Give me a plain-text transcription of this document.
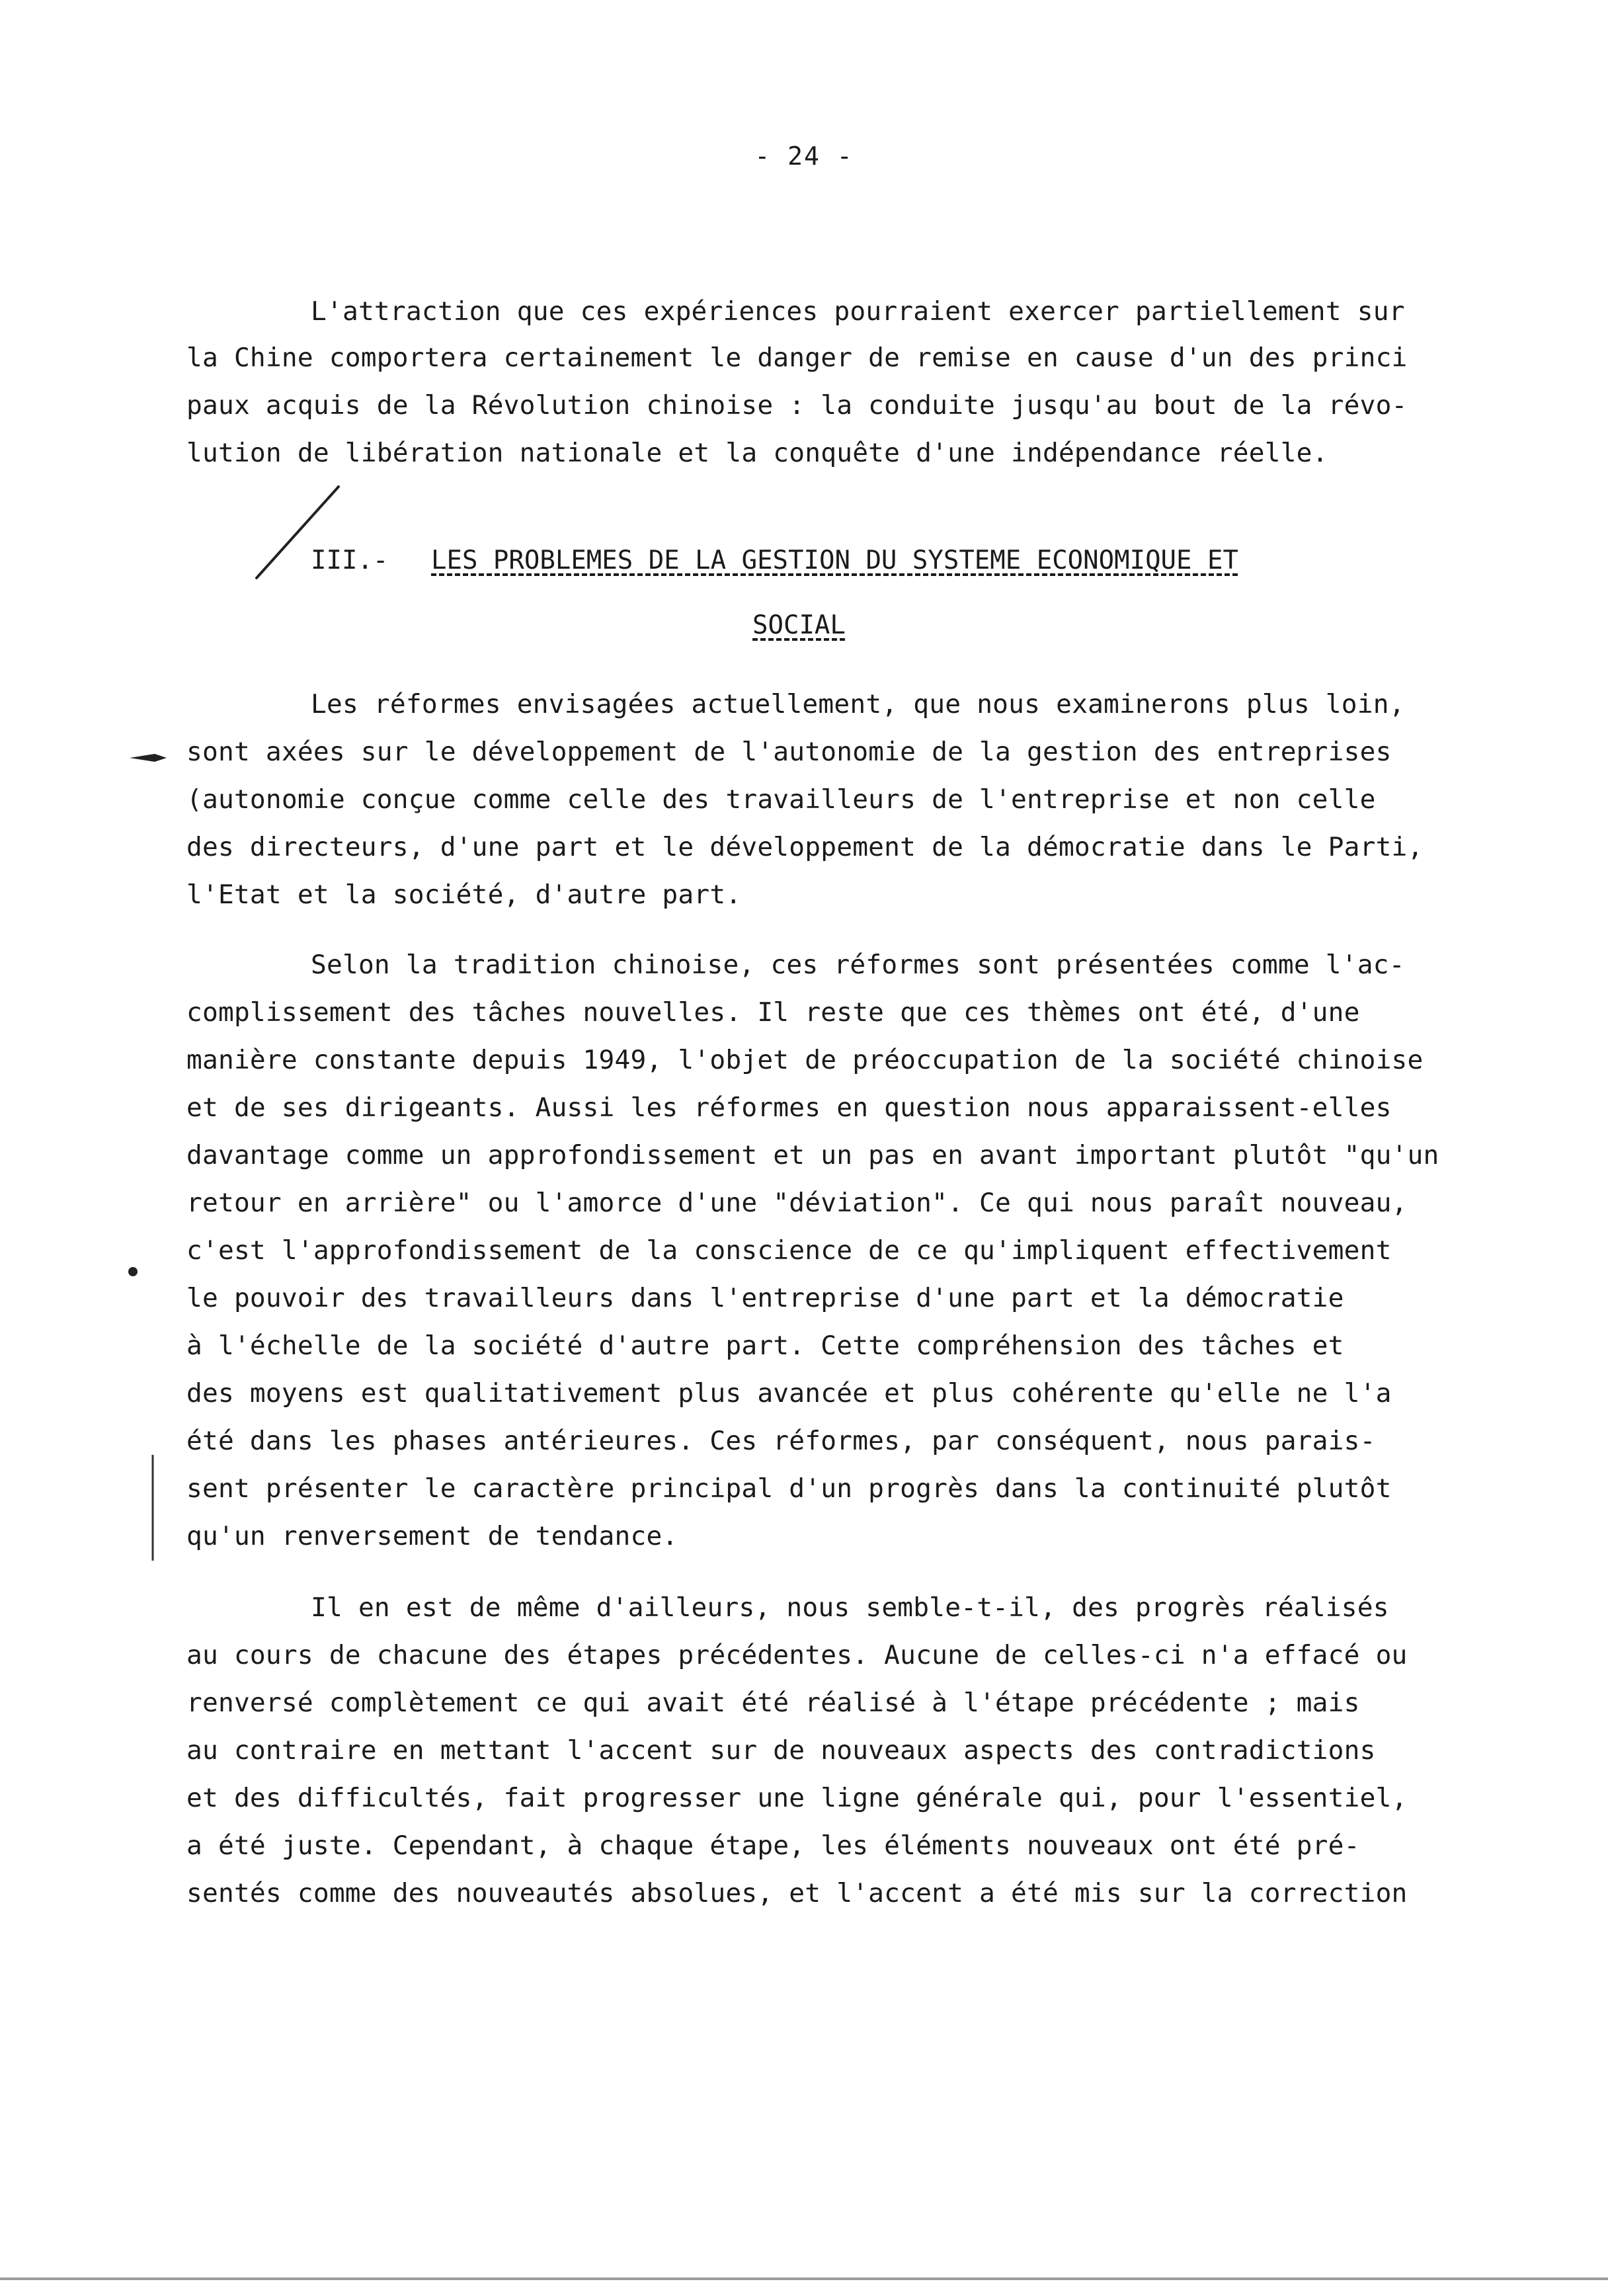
- 24 -
L'attraction que ces expériences pourraient exercer partiellement sur
la Chine comportera certainement le danger de remise en cause d'un des princi
paux acquis de la Révolution chinoise : la conduite jusqu'au bout de la révo-
lution de libération nationale et la conquête d'une indépendance réelle.
III.- LES PROBLEMES DE LA GESTION DU SYSTEME ECONOMIQUE ET
SOCIAL
Les réformes envisagées actuellement, que nous examinerons plus loin,
sont axées sur le développement de l'autonomie de la gestion des entreprises
(autonomie conçue comme celle des travailleurs de l'entreprise et non celle
des directeurs, d'une part et le développement de la démocratie dans le Parti,
l'Etat et la société, d'autre part.
Selon la tradition chinoise, ces réformes sont présentées comme l'ac-
complissement des tâches nouvelles. Il reste que ces thèmes ont été, d'une
manière constante depuis 1949, l'objet de préoccupation de la société chinoise
et de ses dirigeants. Aussi les réformes en question nous apparaissent-elles
davantage comme un approfondissement et un pas en avant important plutôt "qu'un
retour en arrière" ou l'amorce d'une "déviation". Ce qui nous paraît nouveau,
c'est l'approfondissement de la conscience de ce qu'impliquent effectivement
le pouvoir des travailleurs dans l'entreprise d'une part et la démocratie
à l'échelle de la société d'autre part. Cette compréhension des tâches et
des moyens est qualitativement plus avancée et plus cohérente qu'elle ne l'a
été dans les phases antérieures. Ces réformes, par conséquent, nous parais-
sent présenter le caractère principal d'un progrès dans la continuité plutôt
qu'un renversement de tendance.
Il en est de même d'ailleurs, nous semble-t-il, des progrès réalisés
au cours de chacune des étapes précédentes. Aucune de celles-ci n'a effacé ou
renversé complètement ce qui avait été réalisé à l'étape précédente ; mais
au contraire en mettant l'accent sur de nouveaux aspects des contradictions
et des difficultés, fait progresser une ligne générale qui, pour l'essentiel,
a été juste. Cependant, à chaque étape, les éléments nouveaux ont été pré-
sentés comme des nouveautés absolues, et l'accent a été mis sur la correction
